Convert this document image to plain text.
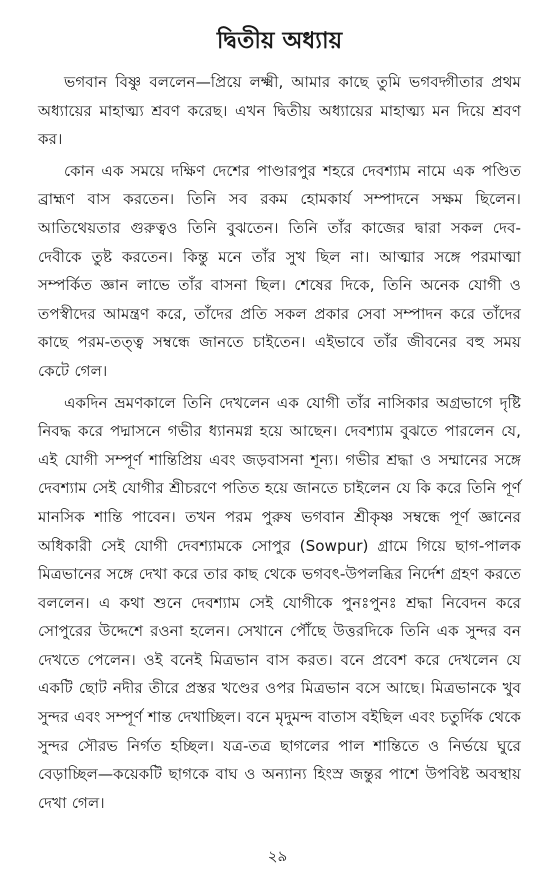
দ্বিতীয় অধ্যায়

ভগবান বিষ্ণু বললেন—প্রিয়ে লক্ষ্মী, আমার কাছে তুমি ভগবদ্গীতার প্রথম অধ্যায়ের মাহাত্ম্য শ্রবণ করেছ। এখন দ্বিতীয় অধ্যায়ের মাহাত্ম্য মন দিয়ে শ্রবণ কর।

কোন এক সময়ে দক্ষিণ দেশের পাণ্ডারপুর শহরে দেবশ্যাম নামে এক পণ্ডিত ব্রাহ্মণ বাস করতেন। তিনি সব রকম হোমকার্য সম্পাদনে সক্ষম ছিলেন। আতিথেয়তার গুরুত্বও তিনি বুঝতেন। তিনি তাঁর কাজের দ্বারা সকল দেব-দেবীকে তুষ্ট করতেন। কিন্তু মনে তাঁর সুখ ছিল না। আত্মার সঙ্গে পরমাত্মা সম্পর্কিত জ্ঞান লাভে তাঁর বাসনা ছিল। শেষের দিকে, তিনি অনেক যোগী ও তপস্বীদের আমন্ত্রণ করে, তাঁদের প্রতি সকল প্রকার সেবা সম্পাদন করে তাঁদের কাছে পরম-তত্ত্ব সম্বন্ধে জানতে চাইতেন। এইভাবে তাঁর জীবনের বহু সময় কেটে গেল।

একদিন ভ্রমণকালে তিনি দেখলেন এক যোগী তাঁর নাসিকার অগ্রভাগে দৃষ্টি নিবদ্ধ করে পদ্মাসনে গভীর ধ্যানমগ্ন হয়ে আছেন। দেবশ্যাম বুঝতে পারলেন যে, এই যোগী সম্পূর্ণ শান্তিপ্রিয় এবং জড়বাসনা শূন্য। গভীর শ্রদ্ধা ও সম্মানের সঙ্গে দেবশ্যাম সেই যোগীর শ্রীচরণে পতিত হয়ে জানতে চাইলেন যে কি করে তিনি পূর্ণ মানসিক শান্তি পাবেন। তখন পরম পুরুষ ভগবান শ্রীকৃষ্ণ সম্বন্ধে পূর্ণ জ্ঞানের অধিকারী সেই যোগী দেবশ্যামকে সোপুর (Sowpur) গ্রামে গিয়ে ছাগ-পালক মিত্রভানের সঙ্গে দেখা করে তার কাছ থেকে ভগবৎ-উপলব্ধির নির্দেশ গ্রহণ করতে বললেন। এ কথা শুনে দেবশ্যাম সেই যোগীকে পুনঃপুনঃ শ্রদ্ধা নিবেদন করে সোপুরের উদ্দেশে রওনা হলেন। সেখানে পৌঁছে উত্তরদিকে তিনি এক সুন্দর বন দেখতে পেলেন। ওই বনেই মিত্রভান বাস করত। বনে প্রবেশ করে দেখলেন যে একটি ছোট নদীর তীরে প্রস্তর খণ্ডের ওপর মিত্রভান বসে আছে। মিত্রভানকে খুব সুন্দর এবং সম্পূর্ণ শান্ত দেখাচ্ছিল। বনে মৃদুমন্দ বাতাস বইছিল এবং চতুর্দিক থেকে সুন্দর সৌরভ নির্গত হচ্ছিল। যত্র-তত্র ছাগলের পাল শান্তিতে ও নির্ভয়ে ঘুরে বেড়াচ্ছিল—কয়েকটি ছাগকে বাঘ ও অন্যান্য হিংস্র জন্তুর পাশে উপবিষ্ট অবস্থায় দেখা গেল।

২৯
